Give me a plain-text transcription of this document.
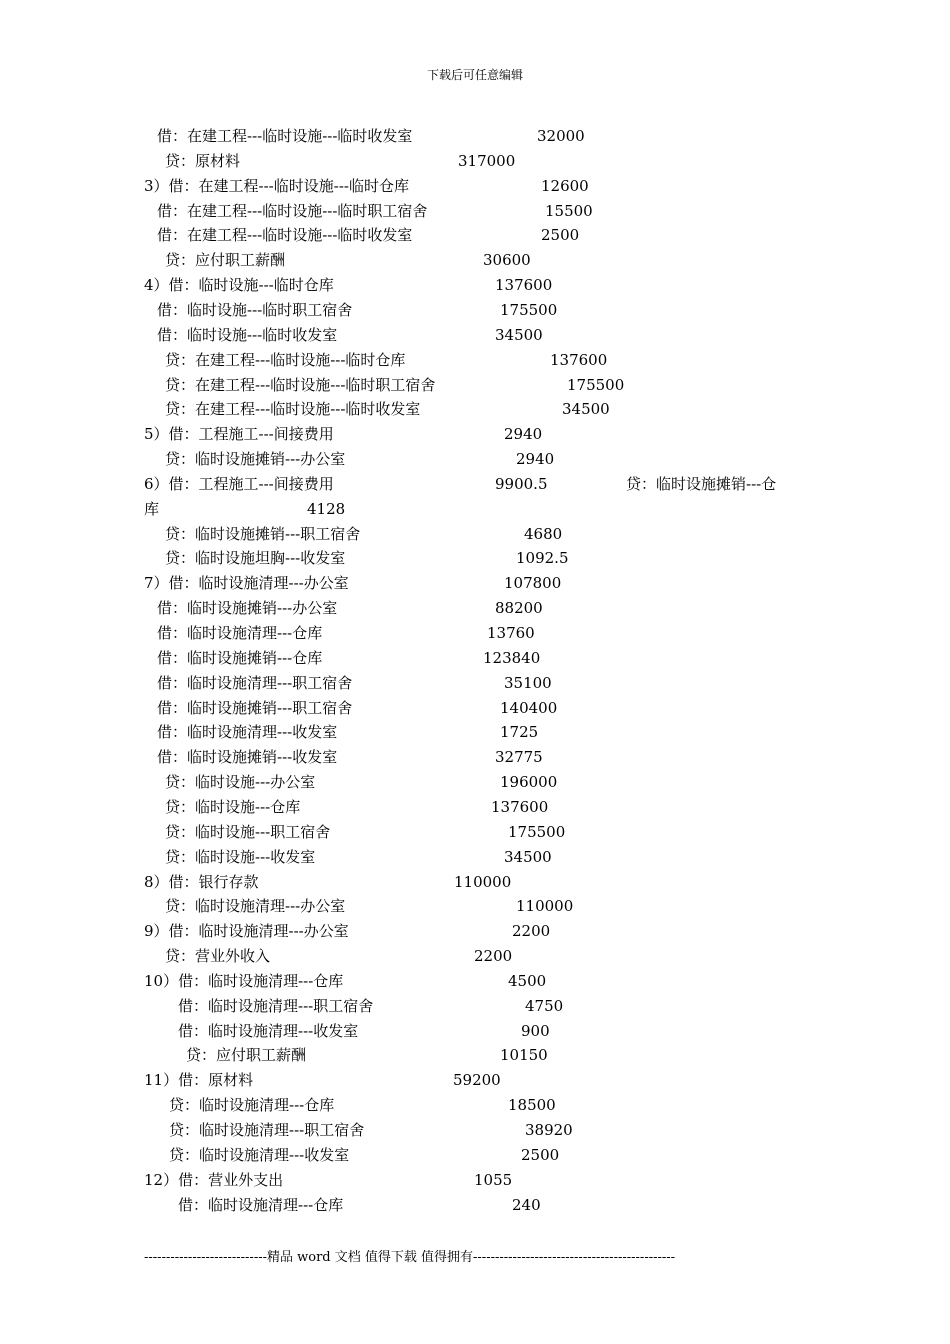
下载后可任意编辑
借：在建工程---临时设施---临时收发室	32000
贷：原材料	317000
3）借：在建工程---临时设施---临时仓库	12600
借：在建工程---临时设施---临时职工宿舍	15500
借：在建工程---临时设施---临时收发室	2500
贷：应付职工薪酬	30600
4）借：临时设施---临时仓库	137600
借：临时设施---临时职工宿舍	175500
借：临时设施---临时收发室	34500
贷：在建工程---临时设施---临时仓库	137600
贷：在建工程---临时设施---临时职工宿舍	175500
贷：在建工程---临时设施---临时收发室	34500
5）借：工程施工---间接费用	2940
贷：临时设施摊销---办公室	2940
6）借：工程施工---间接费用	9900.5	贷：临时设施摊销---仓
库	4128
贷：临时设施摊销---职工宿舍	4680
贷：临时设施坦胸---收发室	1092.5
7）借：临时设施清理---办公室	107800
借：临时设施摊销---办公室	88200
借：临时设施清理---仓库	13760
借：临时设施摊销---仓库	123840
借：临时设施清理---职工宿舍	35100
借：临时设施摊销---职工宿舍	140400
借：临时设施清理---收发室	1725
借：临时设施摊销---收发室	32775
贷：临时设施---办公室	196000
贷：临时设施---仓库	137600
贷：临时设施---职工宿舍	175500
贷：临时设施---收发室	34500
8）借：银行存款	110000
贷：临时设施清理---办公室	110000
9）借：临时设施清理---办公室	2200
贷：营业外收入	2200
10）借：临时设施清理---仓库	4500
借：临时设施清理---职工宿舍	4750
借：临时设施清理---收发室	900
贷：应付职工薪酬	10150
11）借：原材料	59200
贷：临时设施清理---仓库	18500
贷：临时设施清理---职工宿舍	38920
贷：临时设施清理---收发室	2500
12）借：营业外支出	1055
借：临时设施清理---仓库	240
----------------------------精品 word 文档 值得下载 值得拥有----------------------------------------------
